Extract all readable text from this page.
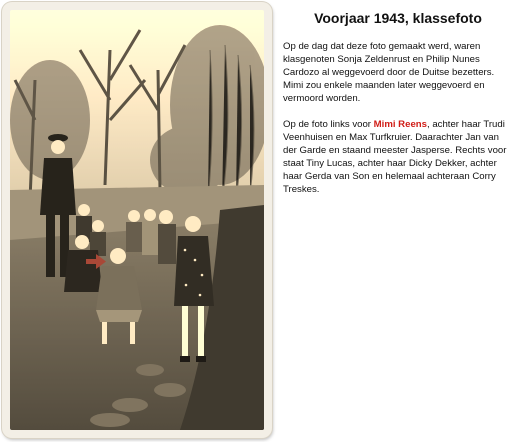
Voorjaar 1943, klassefoto

Op de dag dat deze foto gemaakt werd, waren klasgenoten Sonja Zeldenrust en Philip Nunes Cardozo al weggevoerd door de Duitse bezetters. Mimi zou enkele maanden later weggevoerd en vermoord worden.

Op de foto links voor Mimi Reens, achter haar Trudi Veenhuisen en Max Turfkruier. Daarachter Jan van der Garde en staand meester Jasperse. Rechts voor staat Tiny Lucas, achter haar Dicky Dekker, achter haar Gerda van Son en helemaal achteraan Corry Treskes.
